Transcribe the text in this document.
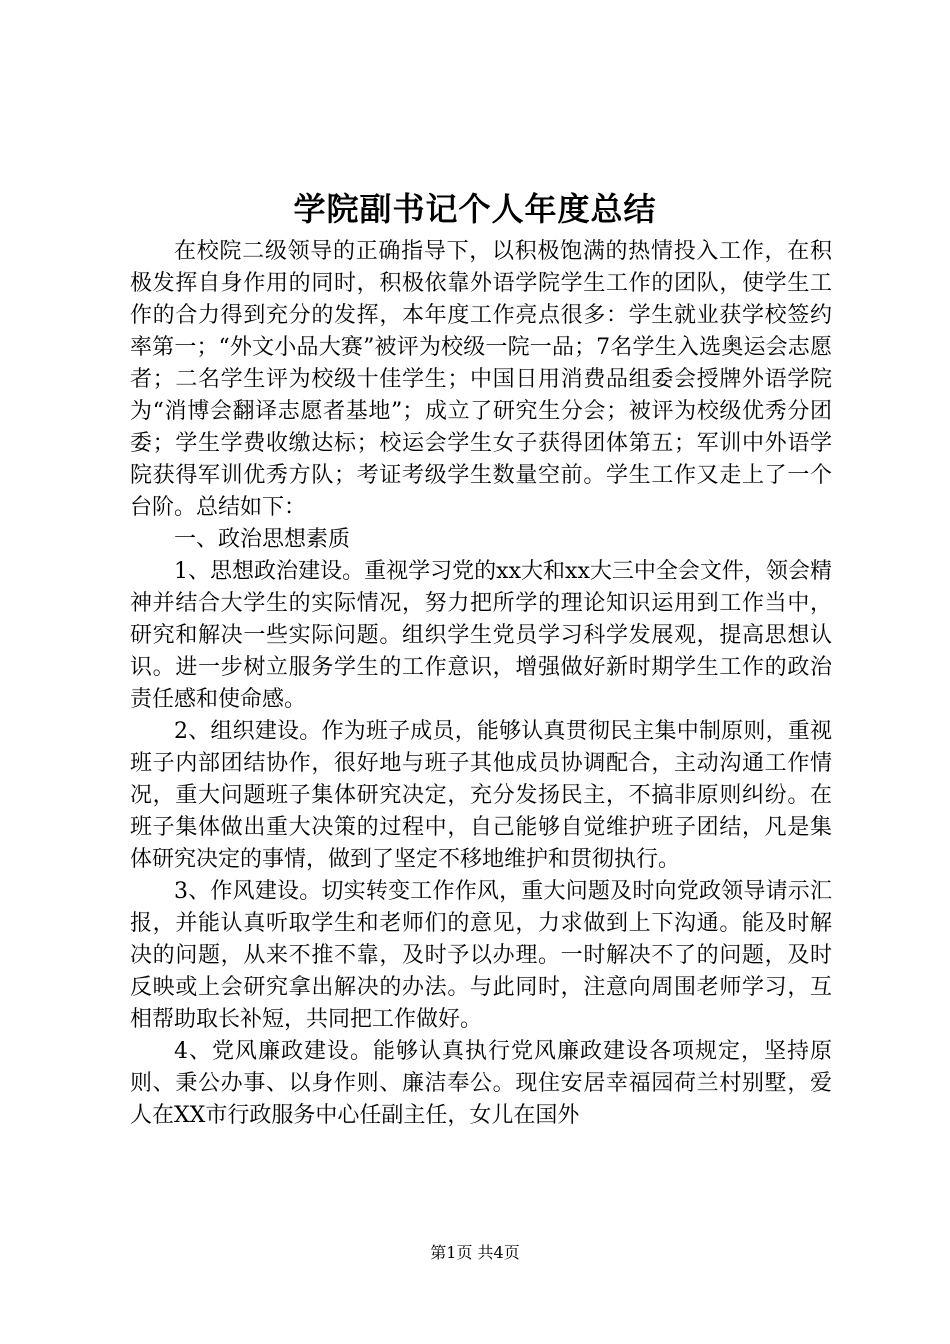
学院副书记个人年度总结

在校院二级领导的正确指导下，以积极饱满的热情投入工作，在积极发挥自身作用的同时，积极依靠外语学院学生工作的团队，使学生工作的合力得到充分的发挥，本年度工作亮点很多：学生就业获学校签约率第一；“外文小品大赛”被评为校级一院一品；7名学生入选奥运会志愿者；二名学生评为校级十佳学生；中国日用消费品组委会授牌外语学院为“消博会翻译志愿者基地”；成立了研究生分会；被评为校级优秀分团委；学生学费收缴达标；校运会学生女子获得团体第五；军训中外语学院获得军训优秀方队；考证考级学生数量空前。学生工作又走上了一个台阶。总结如下：

一、政治思想素质

1、思想政治建设。重视学习党的xx大和xx大三中全会文件，领会精神并结合大学生的实际情况，努力把所学的理论知识运用到工作当中，研究和解决一些实际问题。组织学生党员学习科学发展观，提高思想认识。进一步树立服务学生的工作意识，增强做好新时期学生工作的政治责任感和使命感。

2、组织建设。作为班子成员，能够认真贯彻民主集中制原则，重视班子内部团结协作，很好地与班子其他成员协调配合，主动沟通工作情况，重大问题班子集体研究决定，充分发扬民主，不搞非原则纠纷。在班子集体做出重大决策的过程中，自己能够自觉维护班子团结，凡是集体研究决定的事情，做到了坚定不移地维护和贯彻执行。

3、作风建设。切实转变工作作风，重大问题及时向党政领导请示汇报，并能认真听取学生和老师们的意见，力求做到上下沟通。能及时解决的问题，从来不推不靠，及时予以办理。一时解决不了的问题，及时反映或上会研究拿出解决的办法。与此同时，注意向周围老师学习，互相帮助取长补短，共同把工作做好。

4、党风廉政建设。能够认真执行党风廉政建设各项规定，坚持原则、秉公办事、以身作则、廉洁奉公。现住安居幸福园荷兰村别墅，爱人在XX市行政服务中心任副主任，女儿在国外

第1页 共4页
